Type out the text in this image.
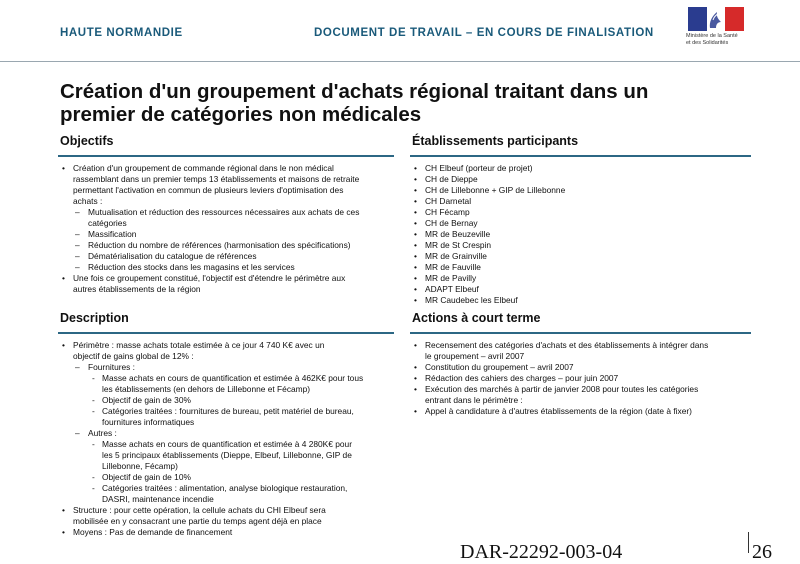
HAUTE NORMANDIE	DOCUMENT DE TRAVAIL – EN COURS DE FINALISATION	Ministère de la Santé
et des Solidarités
Création d'un groupement d'achats régional traitant dans un
premier de catégories non médicales
Objectifs
• Création d'un groupement de commande régional dans le non médical
rassemblant dans un premier temps 13 établissements et maisons de retraite
permettant l'activation en commun de plusieurs leviers d'optimisation des
achats :
– Mutualisation et réduction des ressources nécessaires aux achats de ces
catégories
– Massification
– Réduction du nombre de références (harmonisation des spécifications)
– Dématérialisation du catalogue de références
– Réduction des stocks dans les magasins et les services
• Une fois ce groupement constitué, l'objectif est d'étendre le périmètre aux
autres établissements de la région
Établissements participants
• CH Elbeuf (porteur de projet)
• CH de Dieppe
• CH de Lillebonne + GIP de Lillebonne
• CH Darnetal
• CH Fécamp
• CH de Bernay
• MR de Beuzeville
• MR de St Crespin
• MR de Grainville
• MR de Fauville
• MR de Pavilly
• ADAPT Elbeuf
• MR Caudebec les Elbeuf
Description
• Périmètre : masse achats totale estimée à ce jour 4 740 K€ avec un
objectif de gains global de 12% :
– Fournitures :
- Masse achats en cours de quantification et estimée à 462K€ pour tous
les établissements (en dehors de Lillebonne et Fécamp)
- Objectif de gain de 30%
- Catégories traitées : fournitures de bureau, petit matériel de bureau,
fournitures informatiques
– Autres :
- Masse achats en cours de quantification et estimée à 4 280K€ pour
les 5 principaux établissements (Dieppe, Elbeuf, Lillebonne, GIP de
Lillebonne, Fécamp)
- Objectif de gain de 10%
- Catégories traitées : alimentation, analyse biologique restauration,
DASRI, maintenance incendie
• Structure : pour cette opération, la cellule achats du CHI Elbeuf sera
mobilisée en y consacrant une partie du temps agent déjà en place
• Moyens : Pas de demande de financement
Actions à court terme
• Recensement des catégories d'achats et des établissements à intégrer dans
le groupement – avril 2007
• Constitution du groupement – avril 2007
• Rédaction des cahiers des charges – pour juin 2007
• Exécution des marchés à partir de janvier 2008 pour toutes les catégories
entrant dans le périmètre :
• Appel à candidature à d'autres établissements de la région (date à fixer)
DAR-22292-003-04	26
